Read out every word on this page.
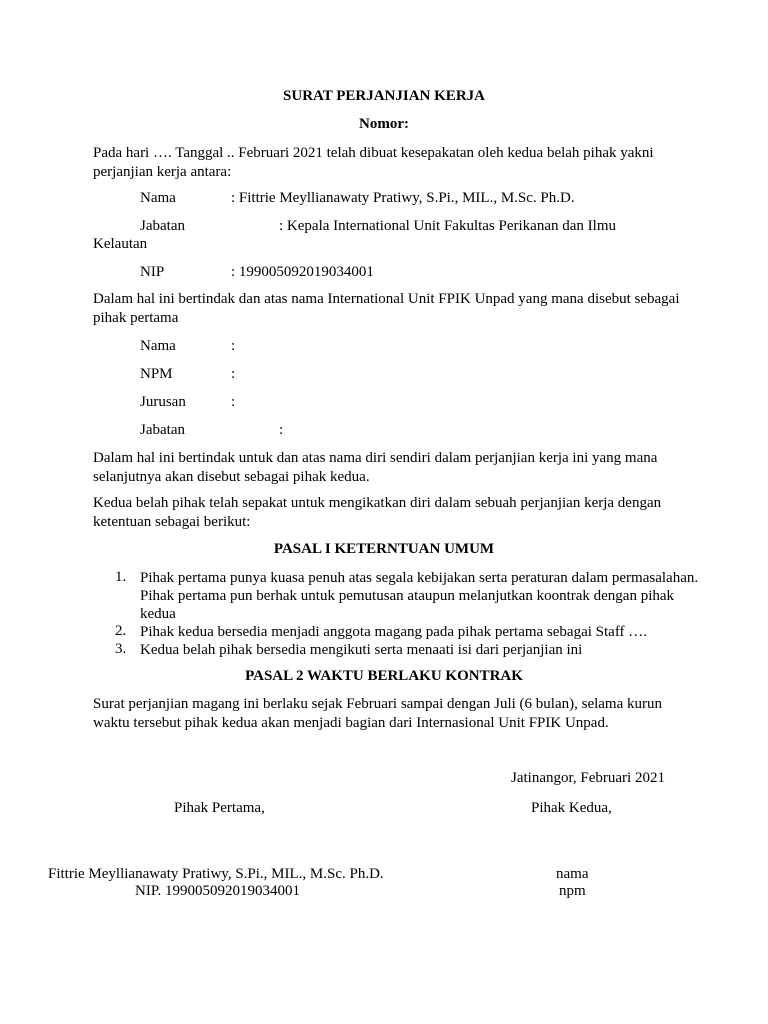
SURAT PERJANJIAN KERJA
Nomor:
Pada hari …. Tanggal .. Februari 2021 telah dibuat kesepakatan oleh kedua belah pihak yakni perjanjian kerja antara:
Nama	: Fittrie Meyllianawaty Pratiwy, S.Pi., MIL., M.Sc. Ph.D.
Jabatan	: Kepala International Unit Fakultas Perikanan dan Ilmu
Kelautan
NIP	: 199005092019034001
Dalam hal ini bertindak dan atas nama International Unit FPIK Unpad yang mana disebut sebagai pihak pertama
Nama	:
NPM	:
Jurusan	:
Jabatan	:
Dalam hal ini bertindak untuk dan atas nama diri sendiri dalam perjanjian kerja ini yang mana selanjutnya akan disebut sebagai pihak kedua.
Kedua belah pihak telah sepakat untuk mengikatkan diri dalam sebuah perjanjian kerja dengan ketentuan sebagai berikut:
PASAL I KETERNTUAN UMUM
1. Pihak pertama punya kuasa penuh atas segala kebijakan serta peraturan dalam permasalahan. Pihak pertama pun berhak untuk pemutusan ataupun melanjutkan koontrak dengan pihak kedua
2. Pihak kedua bersedia menjadi anggota magang pada pihak pertama sebagai Staff ….
3. Kedua belah pihak bersedia mengikuti serta menaati isi dari perjanjian ini
PASAL 2 WAKTU BERLAKU KONTRAK
Surat perjanjian magang ini berlaku sejak Februari sampai dengan Juli (6 bulan), selama kurun waktu tersebut pihak kedua akan menjadi bagian dari Internasional Unit FPIK Unpad.
Jatinangor, Februari 2021
Pihak Pertama,	Pihak Kedua,
Fittrie Meyllianawaty Pratiwy, S.Pi., MIL., M.Sc. Ph.D.
NIP. 199005092019034001
nama
npm
